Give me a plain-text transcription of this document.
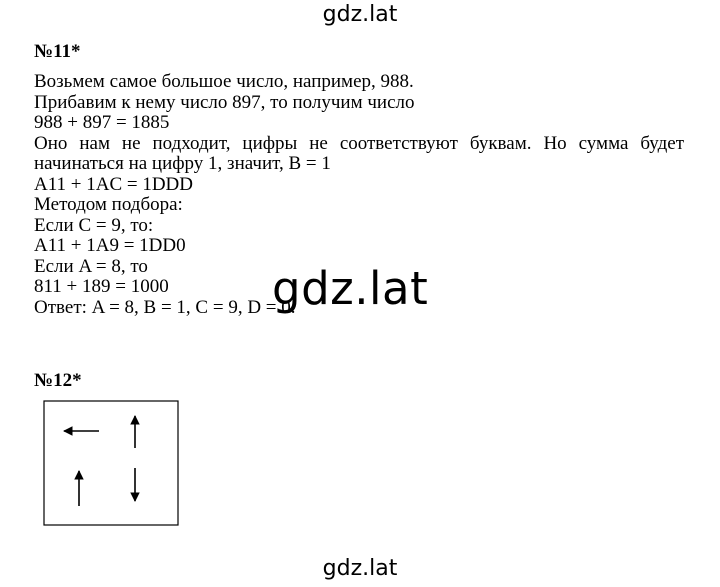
gdz.lat
№11*
Возьмем самое большое число, например, 988.
Прибавим к нему число 897, то получим число
988 + 897 = 1885
Оно нам не подходит, цифры не соответствуют буквам. Но сумма будет
начинаться на цифру 1, значит, B = 1
A11 + 1AC = 1DDD
Методом подбора:
Если C = 9, то:
A11 + 1A9 = 1DD0
Если A = 8, то
811 + 189 = 1000
Ответ: A = 8, B = 1, C = 9, D = 0.
gdz.lat
№12*
gdz.lat
